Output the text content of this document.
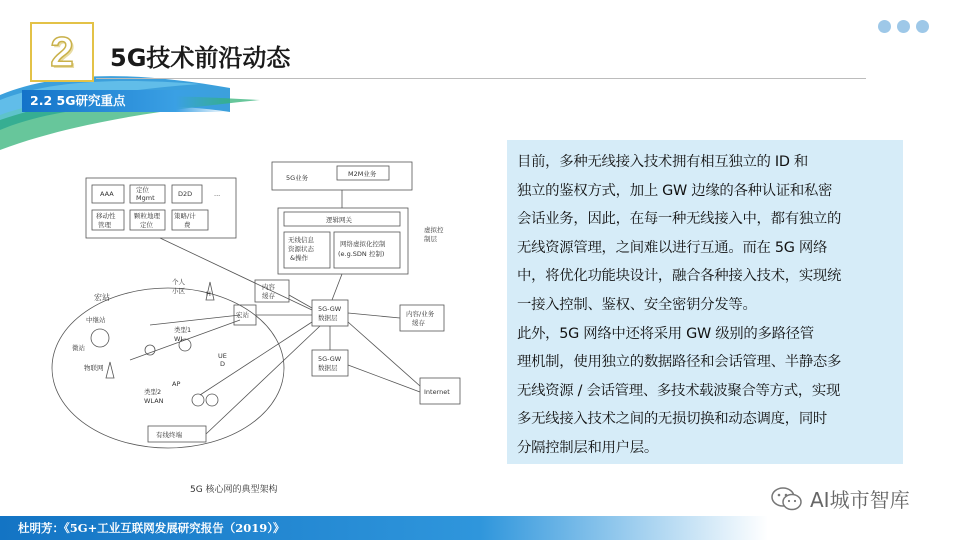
2 5G技术前沿动态
2.2 5G研究重点
5G业务	M2M业务
AAA	定位
Mgmt	D2D	...
移动性
管理
颗粒地理
定位
策略/计
费
逻辑网关
虚拟控
制层
无线信息
资源状态
&操作
网络虚拟化控制
(e.g.SDN 控制)
内容
缓存
宏站
5G-GW
数据层	内容/业务
缓存
5G-GW
数据层
Internet
宏站
个人
小区
中继站
类型1
WL
物联网
微站
AP
类型2
WLAN
有线终端
UE
D
H
5G 核心网的典型架构

目前，多种无线接入技术拥有相互独立的 ID 和

独立的鉴权方式，加上 GW 边缘的各种认证和私密

会话业务，因此，在每一种无线接入中，都有独立的

无线资源管理，之间难以进行互通。而在 5G 网络

中，将优化功能块设计，融合各种接入技术，实现统

一接入控制、鉴权、安全密钥分发等。

此外，5G 网络中还将采用 GW 级别的多路径管

理机制，使用独立的数据路径和会话管理、半静态多

无线资源 / 会话管理、多技术载波聚合等方式，实现

多无线接入技术之间的无损切换和动态调度，同时

分隔控制层和用户层。

AI城市智库
杜明芳：《5G+工业互联网发展研究报告（2019）》
